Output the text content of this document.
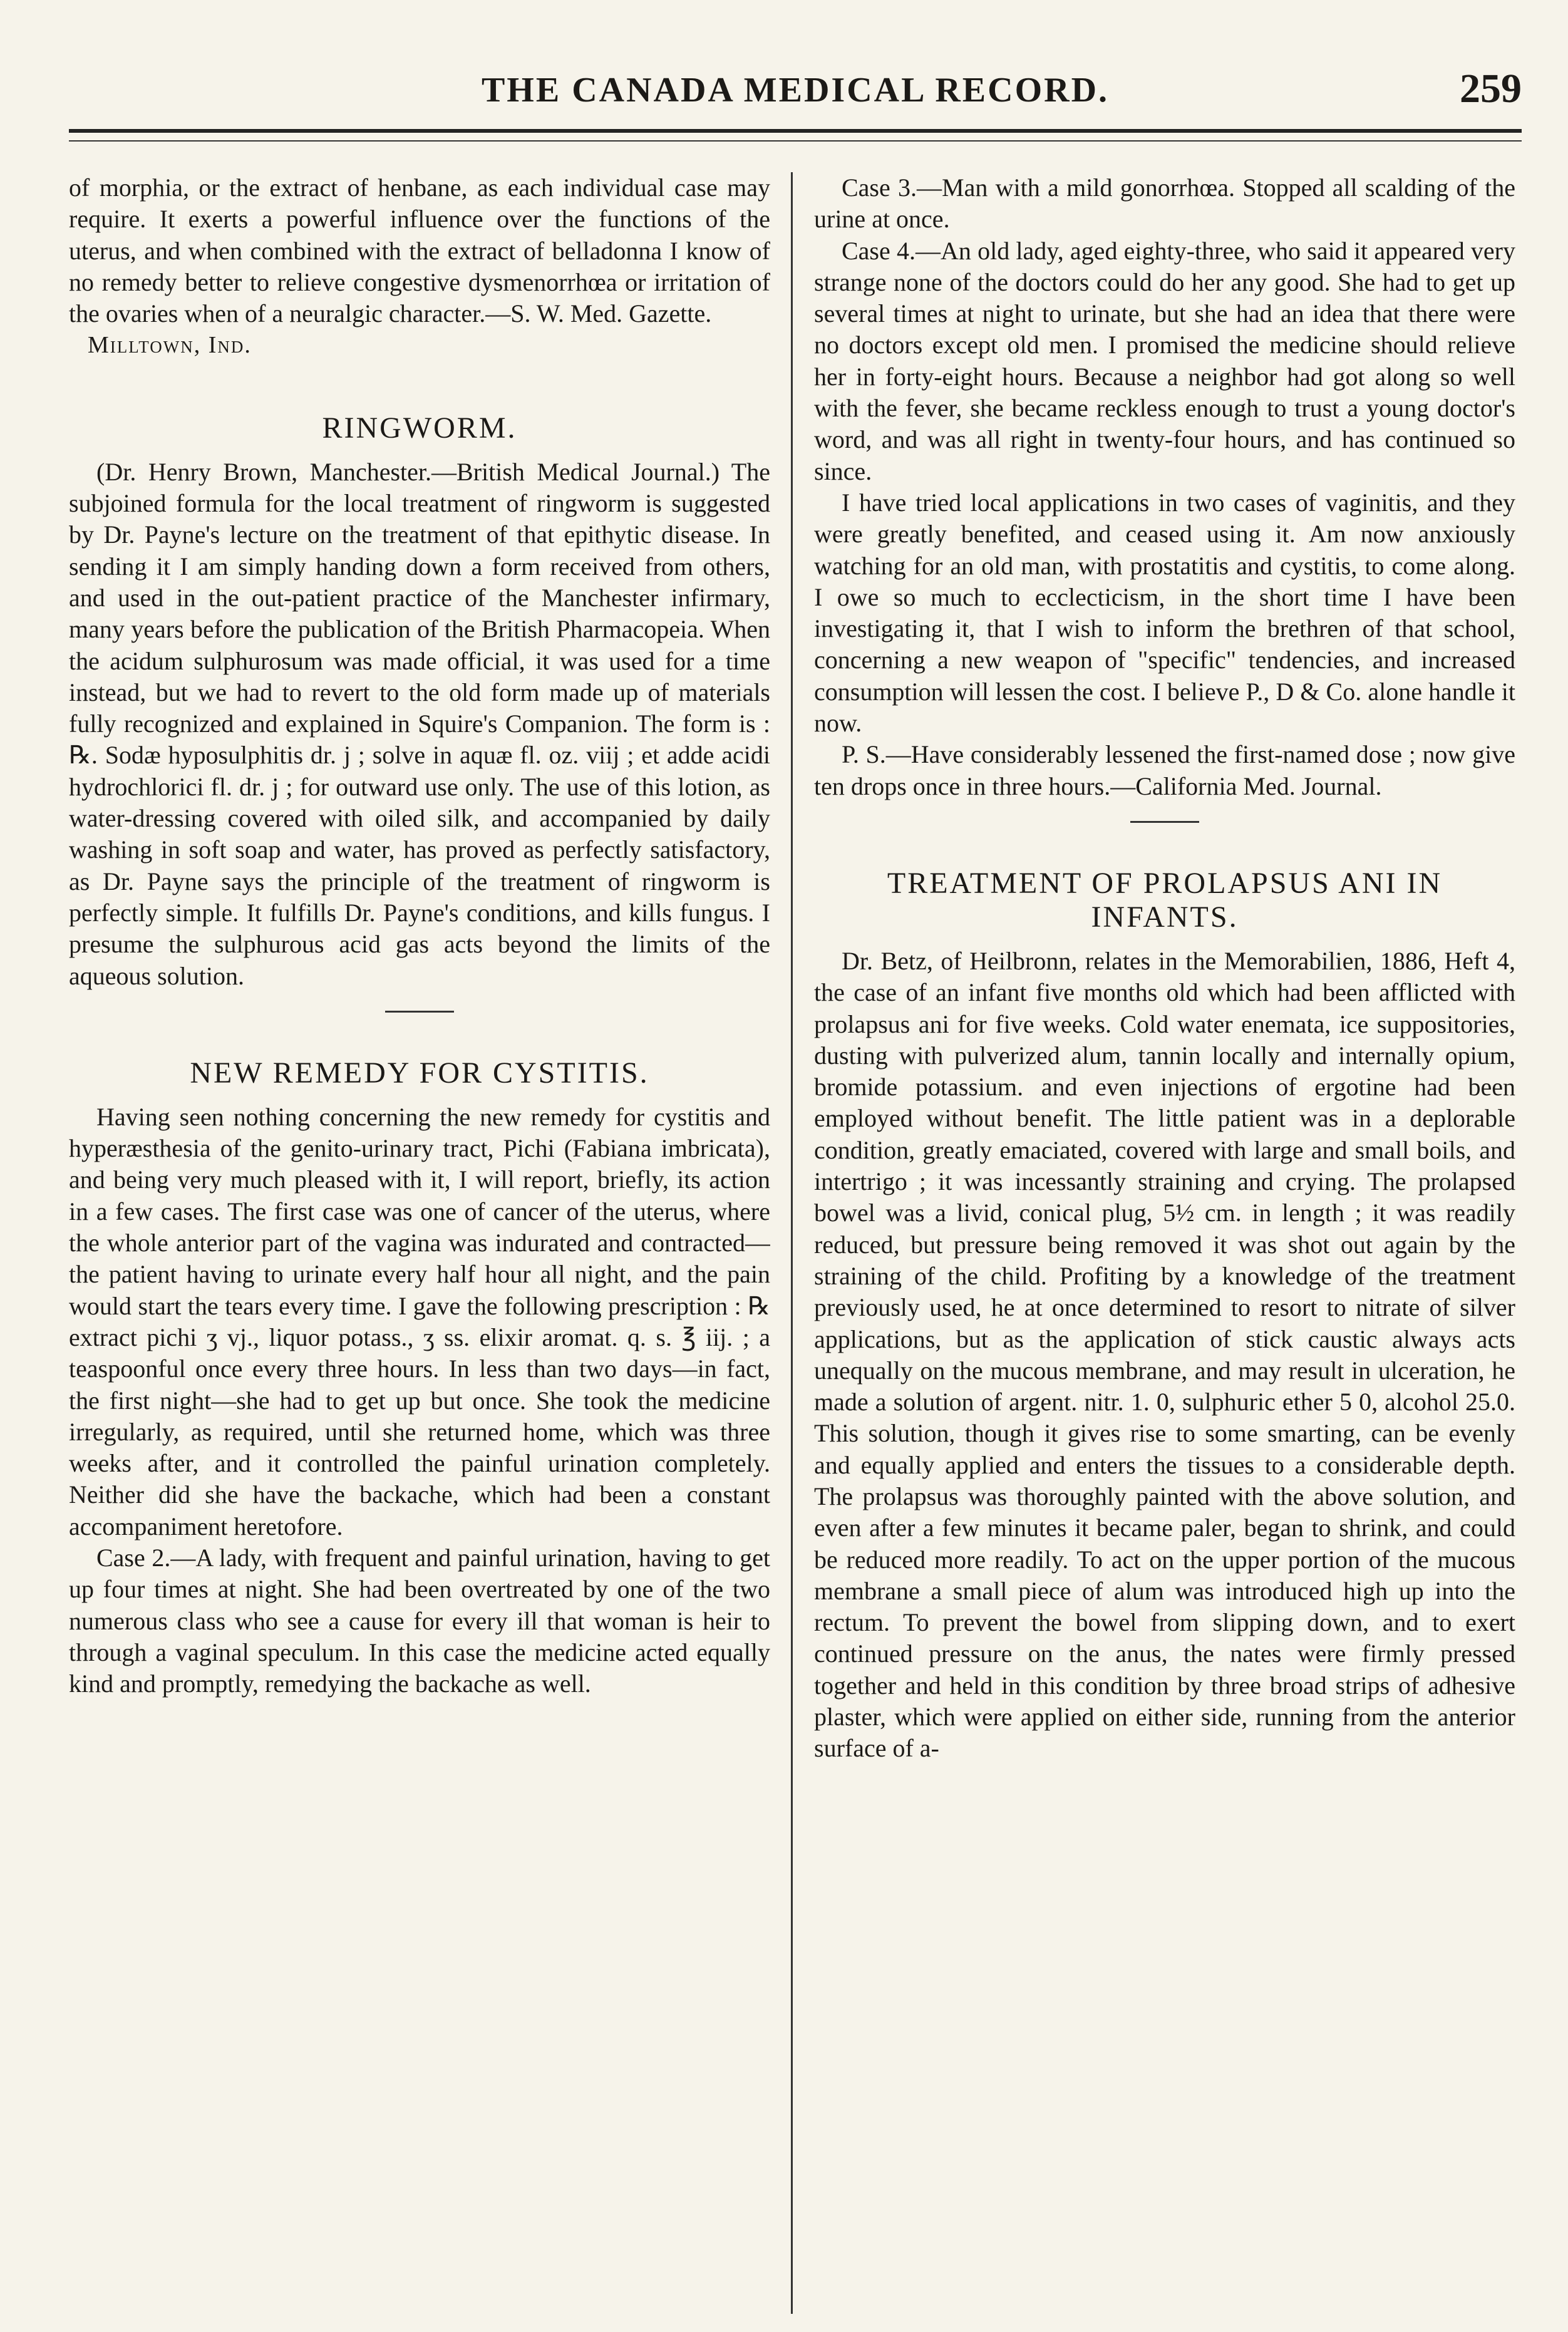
THE CANADA MEDICAL RECORD.	259

of morphia, or the extract of henbane, as each individual case may require. It exerts a powerful influence over the functions of the uterus, and when combined with the extract of belladonna I know of no remedy better to relieve congestive dysmenorrhœa or irritation of the ovaries when of a neuralgic character.—S. W. Med. Gazette.

Milltown, Ind.
RINGWORM.

(Dr. Henry Brown, Manchester.—British Medical Journal.) The subjoined formula for the local treatment of ringworm is suggested by Dr. Payne's lecture on the treatment of that epithytic disease. In sending it I am simply handing down a form received from others, and used in the out-patient practice of the Manchester infirmary, many years before the publication of the British Pharmacopeia. When the acidum sulphurosum was made official, it was used for a time instead, but we had to revert to the old form made up of materials fully recognized and explained in Squire's Companion. The form is : ℞. Sodæ hyposulphitis dr. j ; solve in aquæ fl. oz. viij ; et adde acidi hydrochlorici fl. dr. j ; for outward use only. The use of this lotion, as water-dressing covered with oiled silk, and accompanied by daily washing in soft soap and water, has proved as perfectly satisfactory, as Dr. Payne says the principle of the treatment of ringworm is perfectly simple. It fulfills Dr. Payne's conditions, and kills fungus. I presume the sulphurous acid gas acts beyond the limits of the aqueous solution.

NEW REMEDY FOR CYSTITIS.

Having seen nothing concerning the new remedy for cystitis and hyperæsthesia of the genito-urinary tract, Pichi (Fabiana imbricata), and being very much pleased with it, I will report, briefly, its action in a few cases. The first case was one of cancer of the uterus, where the whole anterior part of the vagina was indurated and contracted—the patient having to urinate every half hour all night, and the pain would start the tears every time. I gave the following prescription : ℞ extract pichi ʒ vj., liquor potass., ʒ ss. elixir aromat. q. s. ℥ iij. ; a teaspoonful once every three hours. In less than two days—in fact, the first night—she had to get up but once. She took the medicine irregularly, as required, until she returned home, which was three weeks after, and it controlled the painful urination completely. Neither did she have the backache, which had been a constant accompaniment heretofore.

Case 2.—A lady, with frequent and painful urination, having to get up four times at night. She had been overtreated by one of the two numerous class who see a cause for every ill that woman is heir to through a vaginal speculum. In this case the medicine acted equally kind and promptly, remedying the backache as well.

Case 3.—Man with a mild gonorrhœa. Stopped all scalding of the urine at once.

Case 4.—An old lady, aged eighty-three, who said it appeared very strange none of the doctors could do her any good. She had to get up several times at night to urinate, but she had an idea that there were no doctors except old men. I promised the medicine should relieve her in forty-eight hours. Because a neighbor had got along so well with the fever, she became reckless enough to trust a young doctor's word, and was all right in twenty-four hours, and has continued so since.

I have tried local applications in two cases of vaginitis, and they were greatly benefited, and ceased using it. Am now anxiously watching for an old man, with prostatitis and cystitis, to come along. I owe so much to ecclecticism, in the short time I have been investigating it, that I wish to inform the brethren of that school, concerning a new weapon of "specific" tendencies, and increased consumption will lessen the cost. I believe P., D & Co. alone handle it now.

P. S.—Have considerably lessened the first-named dose ; now give ten drops once in three hours.—California Med. Journal.

TREATMENT OF PROLAPSUS ANI IN INFANTS.

Dr. Betz, of Heilbronn, relates in the Memorabilien, 1886, Heft 4, the case of an infant five months old which had been afflicted with prolapsus ani for five weeks. Cold water enemata, ice suppositories, dusting with pulverized alum, tannin locally and internally opium, bromide potassium. and even injections of ergotine had been employed without benefit. The little patient was in a deplorable condition, greatly emaciated, covered with large and small boils, and intertrigo ; it was incessantly straining and crying. The prolapsed bowel was a livid, conical plug, 5½ cm. in length ; it was readily reduced, but pressure being removed it was shot out again by the straining of the child. Profiting by a knowledge of the treatment previously used, he at once determined to resort to nitrate of silver applications, but as the application of stick caustic always acts unequally on the mucous membrane, and may result in ulceration, he made a solution of argent. nitr. 1. 0, sulphuric ether 5 0, alcohol 25.0. This solution, though it gives rise to some smarting, can be evenly and equally applied and enters the tissues to a considerable depth. The prolapsus was thoroughly painted with the above solution, and even after a few minutes it became paler, began to shrink, and could be reduced more readily. To act on the upper portion of the mucous membrane a small piece of alum was introduced high up into the rectum. To prevent the bowel from slipping down, and to exert continued pressure on the anus, the nates were firmly pressed together and held in this condition by three broad strips of adhesive plaster, which were applied on either side, running from the anterior surface of a-
